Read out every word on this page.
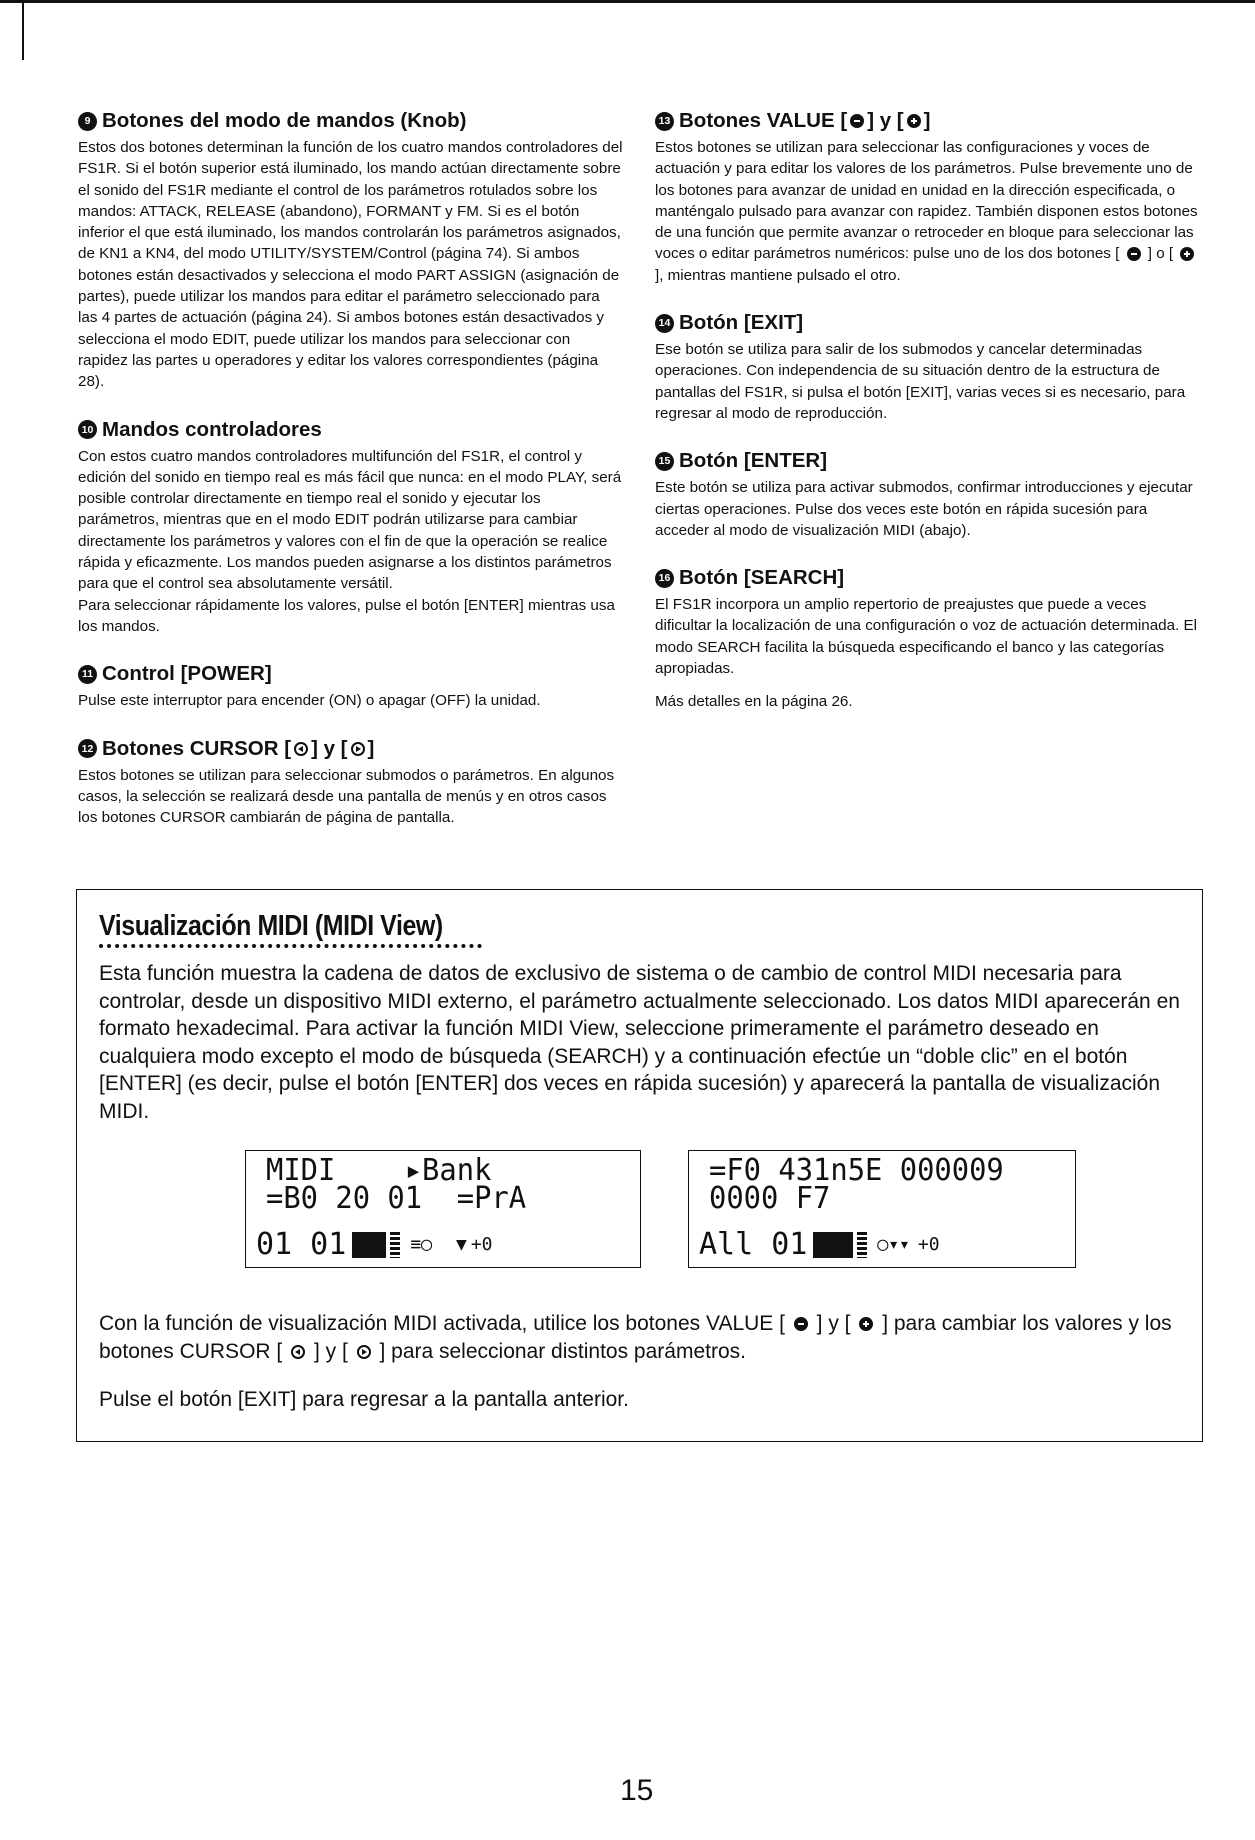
9 Botones del modo de mandos (Knob)

Estos dos botones determinan la función de los cuatro mandos controladores del FS1R. Si el botón superior está iluminado, los mando actúan directamente sobre el sonido del FS1R mediante el control de los parámetros rotulados sobre los mandos: ATTACK, RELEASE (abandono), FORMANT y FM. Si es el botón inferior el que está iluminado, los mandos controlarán los parámetros asignados, de KN1 a KN4, del modo UTILITY/SYSTEM/Control (página 74). Si ambos botones están desactivados y selecciona el modo PART ASSIGN (asignación de partes), puede utilizar los mandos para editar el parámetro seleccionado para las 4 partes de actuación (página 24). Si ambos botones están desactivados y selecciona el modo EDIT, puede utilizar los mandos para seleccionar con rapidez las partes u operadores y editar los valores correspondientes (página 28).

10 Mandos controladores

Con estos cuatro mandos controladores multifunción del FS1R, el control y edición del sonido en tiempo real es más fácil que nunca: en el modo PLAY, será posible controlar directamente en tiempo real el sonido y ejecutar los parámetros, mientras que en el modo EDIT podrán utilizarse para cambiar directamente los parámetros y valores con el fin de que la operación se realice rápida y eficazmente. Los mandos pueden asignarse a los distintos parámetros para que el control sea absolutamente versátil.
Para seleccionar rápidamente los valores, pulse el botón [ENTER] mientras usa los mandos.

11 Control [POWER]

Pulse este interruptor para encender (ON) o apagar (OFF) la unidad.

12 Botones CURSOR [ ] y [ ]

Estos botones se utilizan para seleccionar submodos o parámetros. En algunos casos, la selección se realizará desde una pantalla de menús y en otros casos los botones CURSOR cambiarán de página de pantalla.

13 Botones VALUE [ ] y [ ]

Estos botones se utilizan para seleccionar las configuraciones y voces de actuación y para editar los valores de los parámetros. Pulse brevemente uno de los botones para avanzar de unidad en unidad en la dirección especificada, o manténgalo pulsado para avanzar con rapidez. También disponen estos botones de una función que permite avanzar o retroceder en bloque para seleccionar las voces o editar parámetros numéricos: pulse uno de los dos botones [ ] o [  ], mientras mantiene pulsado el otro.

14 Botón [EXIT]

Ese botón se utiliza para salir de los submodos y cancelar determinadas operaciones. Con independencia de su situación dentro de la estructura de pantallas del FS1R, si pulsa el botón [EXIT], varias veces si es necesario, para regresar al modo de reproducción.

15 Botón [ENTER]

Este botón se utiliza para activar submodos, confirmar introducciones y ejecutar ciertas operaciones. Pulse dos veces este botón en rápida sucesión para acceder al modo de visualización MIDI (abajo).

16 Botón [SEARCH]

El FS1R incorpora un amplio repertorio de preajustes que puede a veces dificultar la localización de una configuración o voz de actuación determinada. El modo SEARCH facilita la búsqueda especificando el banco y las categorías apropiadas.

Más detalles en la página 26.

Visualización MIDI (MIDI View)

Esta función muestra la cadena de datos de exclusivo de sistema o de cambio de control MIDI necesaria para controlar, desde un dispositivo MIDI externo, el parámetro actualmente seleccionado. Los datos MIDI aparecerán en formato hexadecimal. Para activar la función MIDI View, seleccione primeramente el parámetro deseado en cualquiera modo excepto el modo de búsqueda (SEARCH) y a continuación efectúe un “doble clic” en el botón [ENTER] (es decir, pulse el botón [ENTER] dos veces en rápida sucesión) y aparecerá la pantalla de visualización MIDI.

MIDI    ▸Bank
=B0 20 01  =PrA
01 01	≡◯ ▼ +0
=F0 431n5E 000009
0000 F7
All 01	◯▾▾ +0

Con la función de visualización MIDI activada, utilice los botones VALUE [ ] y [ ] para cambiar los valores y los botones CURSOR [ ] y [ ] para seleccionar distintos parámetros.

Pulse el botón [EXIT] para regresar a la pantalla anterior.

15
